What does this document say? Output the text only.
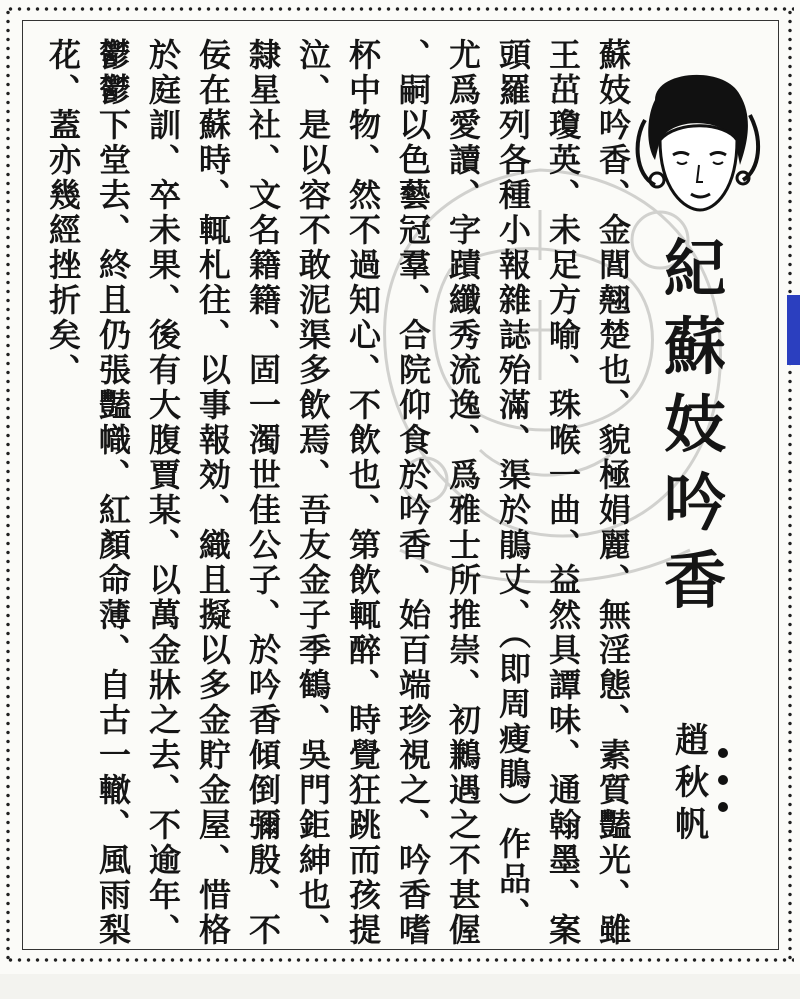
紀
蘇
妓
吟
香
趙
秋
帆
蘇妓吟香、金閭翹楚也、貌極娟麗、無淫態、素質豔光、雖
王茁瓊英、未足方喻、珠喉一曲、益然具譚味、通翰墨、案
頭羅列各種小報雜誌殆滿、渠於鵑丈、（即周瘦鵑）作品、
尤爲愛讀、字蹟纖秀流逸、爲雅士所推崇、初鶼遇之不甚偓
、嗣以色藝冠羣、合院仰食於吟香、始百端珍視之、吟香嗜
杯中物、然不過知心、不飲也、第飲輒醉、時覺狂跳而孩提
泣、是以容不敢泥渠多飲焉、吾友金子季鶴、吳門鉅紳也、
隸星社、文名籍籍、固一濁世佳公子、於吟香傾倒彌殷、不
佞在蘇時、輒札往、以事報効、織且擬以多金貯金屋、惜格
於庭訓、卒未果、後有大腹賈某、以萬金牀之去、不逾年、
鬱鬱下堂去、終且仍張豔幟、紅顏命薄、自古一轍、風雨梨
花、蓋亦幾經挫折矣、
